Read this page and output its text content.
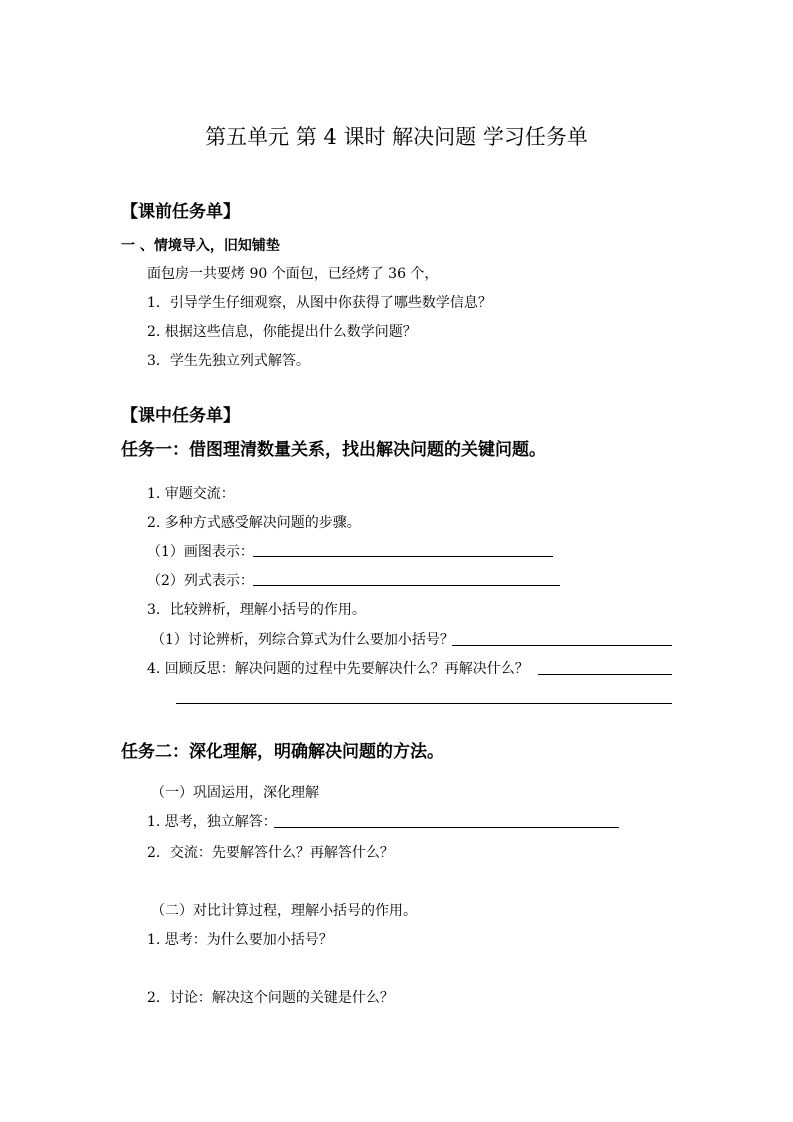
第五单元 第 4 课时 解决问题 学习任务单
【课前任务单】
一 、情境导入，旧知铺垫
面包房一共要烤 90 个面包，已经烤了 36 个，
1．引导学生仔细观察，从图中你获得了哪些数学信息？
2. 根据这些信息，你能提出什么数学问题？
3．学生先独立列式解答。
【课中任务单】
任务一：借图理清数量关系，找出解决问题的关键问题。
1. 审题交流：
2. 多种方式感受解决问题的步骤。
（1）画图表示：
（2）列式表示：
3．比较辨析，理解小括号的作用。
（1）讨论辨析，列综合算式为什么要加小括号？
4. 回顾反思：解决问题的过程中先要解决什么？再解决什么？
任务二：深化理解，明确解决问题的方法。
（一）巩固运用，深化理解
1. 思考，独立解答：
2．交流：先要解答什么？再解答什么？
（二）对比计算过程，理解小括号的作用。
1. 思考：为什么要加小括号？
2．讨论：解决这个问题的关键是什么？
